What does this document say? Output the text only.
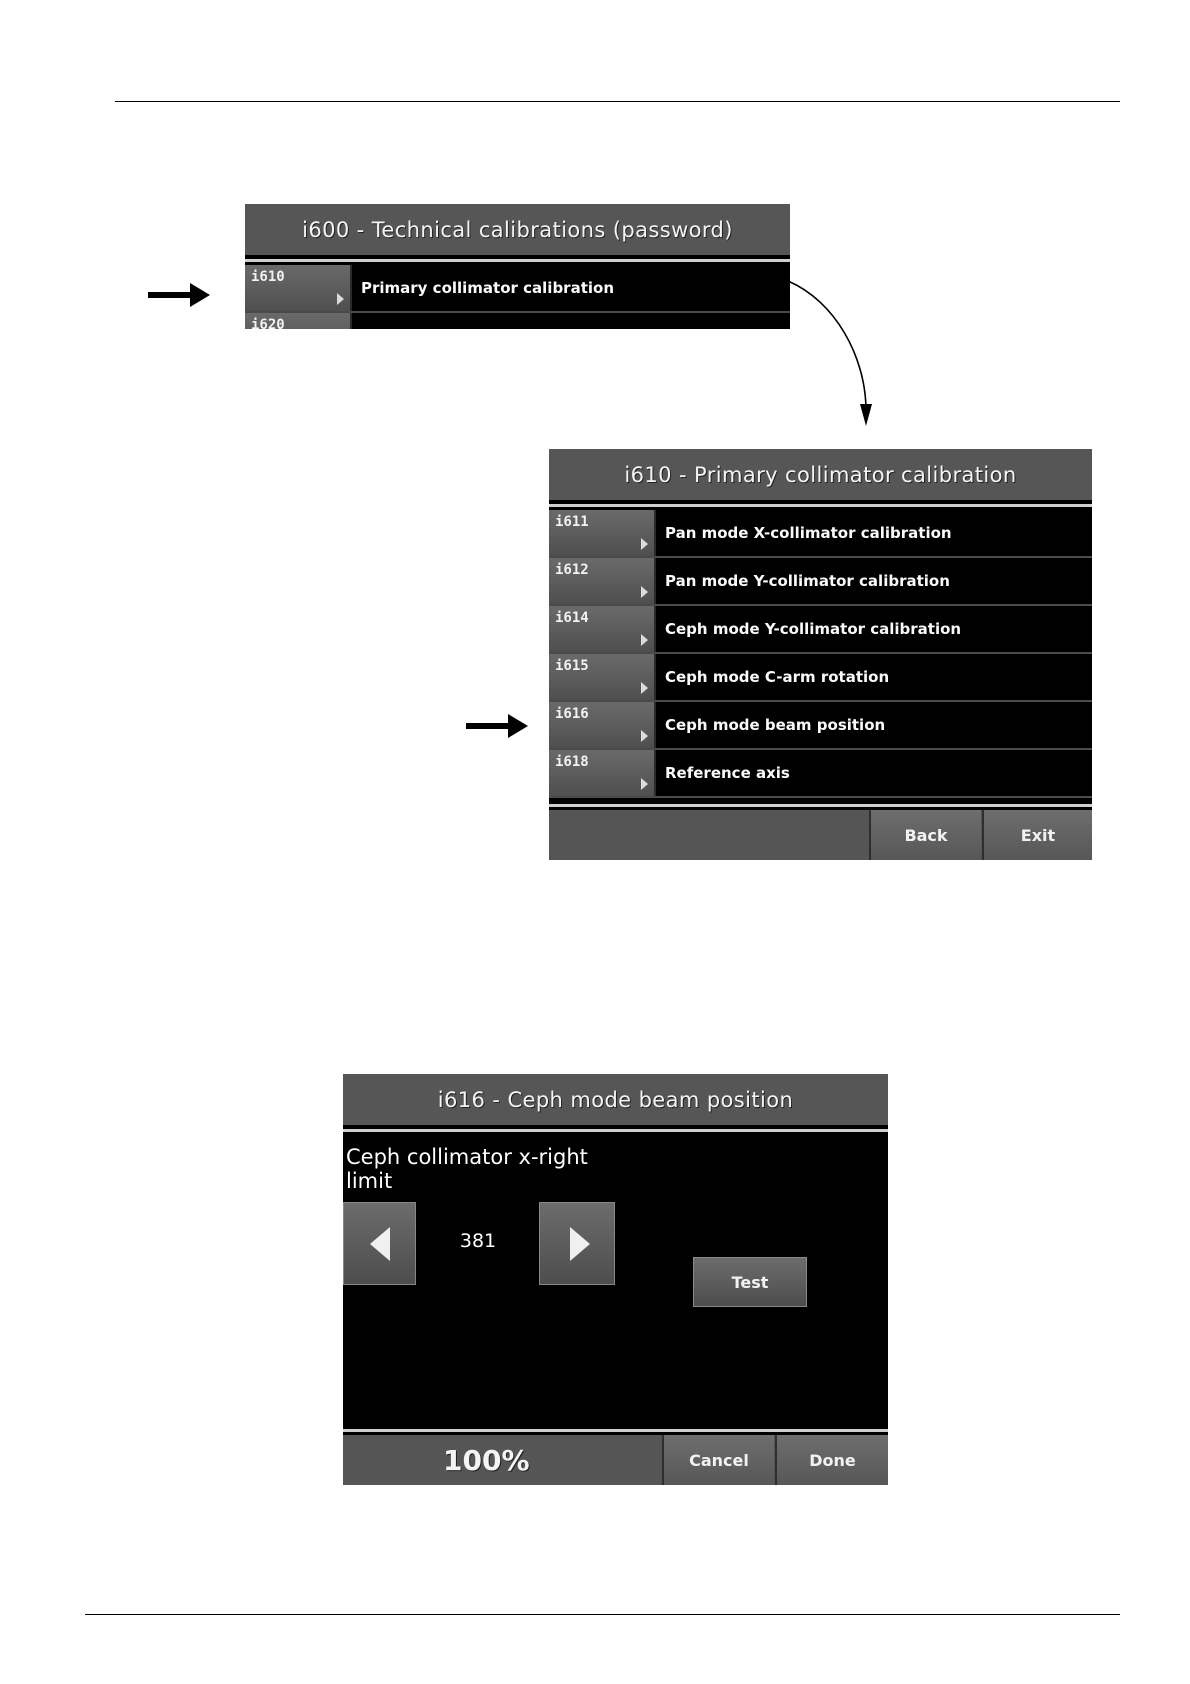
i600 - Technical calibrations (password)
i610
Primary collimator calibration
i620
i610 - Primary collimator calibration
i611
Pan mode X-collimator calibration
i612
Pan mode Y-collimator calibration
i614
Ceph mode Y-collimator calibration
i615
Ceph mode C-arm rotation
i616
Ceph mode beam position
i618
Reference axis
Back	Exit
i616 - Ceph mode beam position
Ceph collimator x-right
limit
381
Test
100%	Cancel	Done
